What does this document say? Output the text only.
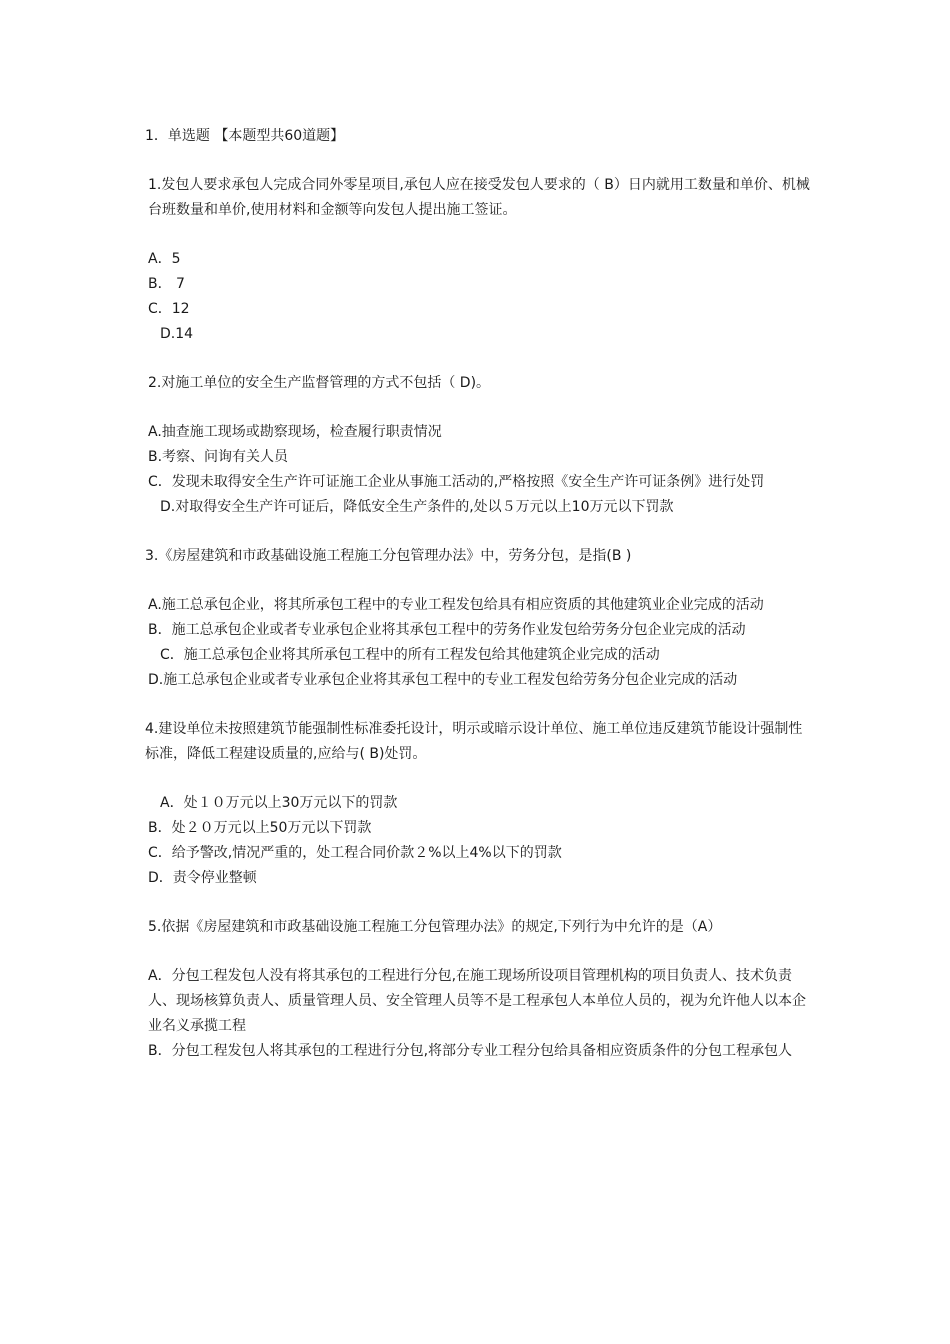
1．单选题 【本题型共60道题】
1.发包人要求承包人完成合同外零星项目,承包人应在接受发包人要求的（ B）日内就用工数量和单价、机械台班数量和单价,使用材料和金额等向发包人提出施工签证。
A．5
B． 7
C．12
D.14
2.对施工单位的安全生产监督管理的方式不包括（ D)。
A.抽查施工现场或勘察现场，检查履行职责情况
B.考察、问询有关人员
C．发现未取得安全生产许可证施工企业从事施工活动的,严格按照《安全生产许可证条例》进行处罚
D.对取得安全生产许可证后，降低安全生产条件的,处以５万元以上10万元以下罚款
3.《房屋建筑和市政基础设施工程施工分包管理办法》中，劳务分包，是指(B )
A.施工总承包企业，将其所承包工程中的专业工程发包给具有相应资质的其他建筑业企业完成的活动
B．施工总承包企业或者专业承包企业将其承包工程中的劳务作业发包给劳务分包企业完成的活动
C．施工总承包企业将其所承包工程中的所有工程发包给其他建筑企业完成的活动
D.施工总承包企业或者专业承包企业将其承包工程中的专业工程发包给劳务分包企业完成的活动
4.建设单位未按照建筑节能强制性标准委托设计，明示或暗示设计单位、施工单位违反建筑节能设计强制性标准，降低工程建设质量的,应给与( B)处罚。
A．处１０万元以上30万元以下的罚款
B．处２０万元以上50万元以下罚款
C．给予警改,情况严重的，处工程合同价款２%以上4%以下的罚款
D．责令停业整顿
5.依据《房屋建筑和市政基础设施工程施工分包管理办法》的规定,下列行为中允许的是（A）
A．分包工程发包人没有将其承包的工程进行分包,在施工现场所设项目管理机构的项目负责人、技术负责人、现场核算负责人、质量管理人员、安全管理人员等不是工程承包人本单位人员的，视为允许他人以本企业名义承揽工程
B．分包工程发包人将其承包的工程进行分包,将部分专业工程分包给具备相应资质条件的分包工程承包人
